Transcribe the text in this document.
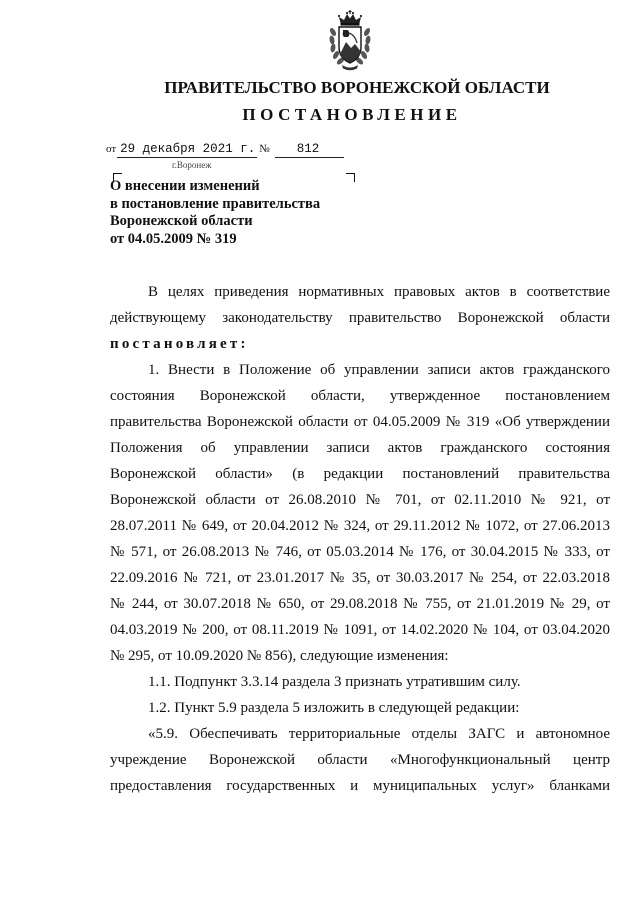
ПРАВИТЕЛЬСТВО ВОРОНЕЖСКОЙ ОБЛАСТИ
ПОСТАНОВЛЕНИЕ
от 29 декабря 2021 г. № 812
г.Воронеж
О внесении изменений
в постановление правительства
Воронежской области
от 04.05.2009 № 319
В целях приведения нормативных правовых актов в соответствие
действующему законодательству правительство Воронежской области
постановляет:
1. Внести в Положение об управлении записи актов гражданского
состояния Воронежской области, утвержденное постановлением
правительства Воронежской области от 04.05.2009 № 319 «Об утверждении
Положения об управлении записи актов гражданского состояния
Воронежской области» (в редакции постановлений правительства
Воронежской области от 26.08.2010 № 701, от 02.11.2010 № 921, от
28.07.2011 № 649, от 20.04.2012 № 324, от 29.11.2012 № 1072, от 27.06.2013
№ 571, от 26.08.2013 № 746, от 05.03.2014 № 176, от 30.04.2015 № 333, от
22.09.2016 № 721, от 23.01.2017 № 35, от 30.03.2017 № 254, от 22.03.2018
№ 244, от 30.07.2018 № 650, от 29.08.2018 № 755, от 21.01.2019 № 29, от
04.03.2019 № 200, от 08.11.2019 № 1091, от 14.02.2020 № 104, от 03.04.2020
№ 295, от 10.09.2020 № 856), следующие изменения:
1.1. Подпункт 3.3.14 раздела 3 признать утратившим силу.
1.2. Пункт 5.9 раздела 5 изложить в следующей редакции:
«5.9. Обеспечивать территориальные отделы ЗАГС и автономное
учреждение Воронежской области «Многофункциональный центр
предоставления государственных и муниципальных услуг» бланками
